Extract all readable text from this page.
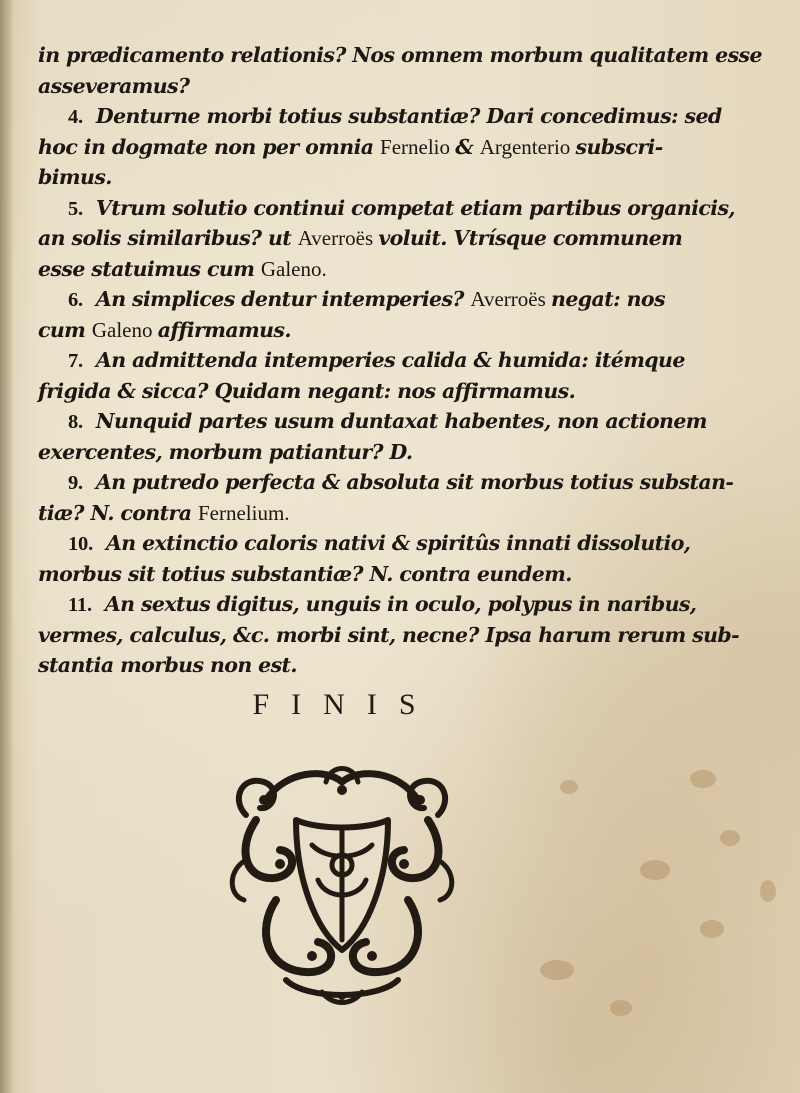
in prædicamento relationis? Nos omnem morbum qualitatem esse
asseveramus?
4. Denturne morbi totius substantiæ? Dari concedimus: sed
hoc in dogmate non per omnia Fernelio & Argenterio subscri-
bimus.
5. Vtrum solutio continui competat etiam partibus organicis,
an solis similaribus? ut Averroës voluit. Vtrísque communem
esse statuimus cum Galeno.
6. An simplices dentur intemperies? Averroës negat: nos
cum Galeno affirmamus.
7. An admittenda intemperies calida & humida: itémque
frigida & sicca? Quidam negant: nos affirmamus.
8. Nunquid partes usum duntaxat habentes, non actionem
exercentes, morbum patiantur? D.
9. An putredo perfecta & absoluta sit morbus totius substan-
tiæ? N. contra Fernelium.
10. An extinctio caloris nativi & spiritûs innati dissolutio,
morbus sit totius substantiæ? N. contra eundem.
11. An sextus digitus, unguis in oculo, polypus in naribus,
vermes, calculus, &c. morbi sint, necne? Ipsa harum rerum sub-
stantia morbus non est.
FINIS
